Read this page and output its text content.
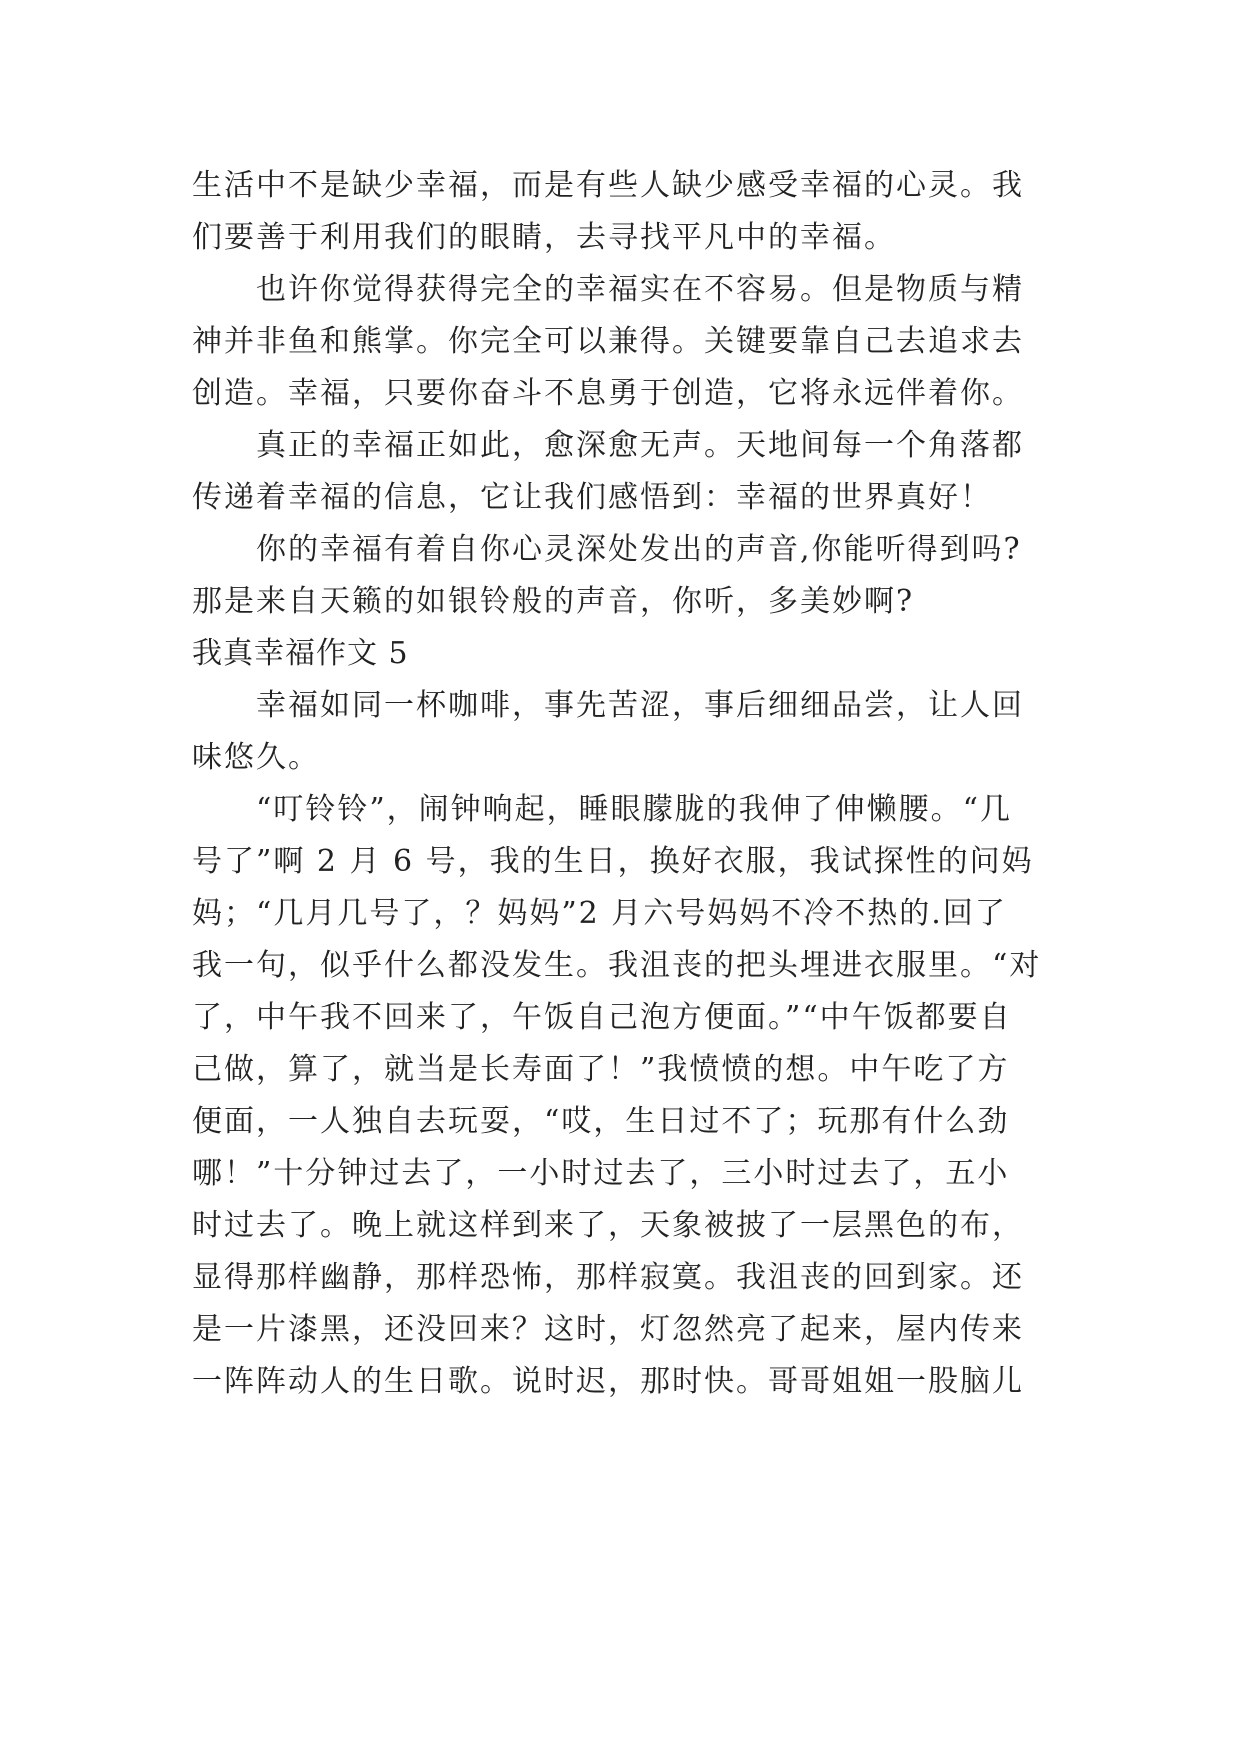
生活中不是缺少幸福，而是有些人缺少感受幸福的心灵。我
们要善于利用我们的眼睛，去寻找平凡中的幸福。
也许你觉得获得完全的幸福实在不容易。但是物质与精
神并非鱼和熊掌。你完全可以兼得。关键要靠自己去追求去
创造。幸福，只要你奋斗不息勇于创造，它将永远伴着你。
真正的幸福正如此，愈深愈无声。天地间每一个角落都
传递着幸福的信息，它让我们感悟到：幸福的世界真好！
你的幸福有着自你心灵深处发出的声音,你能听得到吗?
那是来自天籁的如银铃般的声音，你听，多美妙啊?
我真幸福作文 5
幸福如同一杯咖啡，事先苦涩，事后细细品尝，让人回
味悠久。
“叮铃铃”，闹钟响起，睡眼朦胧的我伸了伸懒腰。“几
号了”啊 2 月 6 号，我的生日，换好衣服，我试探性的问妈
妈；“几月几号了，？妈妈”2 月六号妈妈不冷不热的.回了
我一句，似乎什么都没发生。我沮丧的把头埋进衣服里。“对
了，中午我不回来了，午饭自己泡方便面。”“中午饭都要自
己做，算了，就当是长寿面了！”我愤愤的想。中午吃了方
便面，一人独自去玩耍，“哎，生日过不了；玩那有什么劲
哪！”十分钟过去了，一小时过去了，三小时过去了，五小
时过去了。晚上就这样到来了，天象被披了一层黑色的布，
显得那样幽静，那样恐怖，那样寂寞。我沮丧的回到家。还
是一片漆黑，还没回来？这时，灯忽然亮了起来，屋内传来
一阵阵动人的生日歌。说时迟，那时快。哥哥姐姐一股脑儿
